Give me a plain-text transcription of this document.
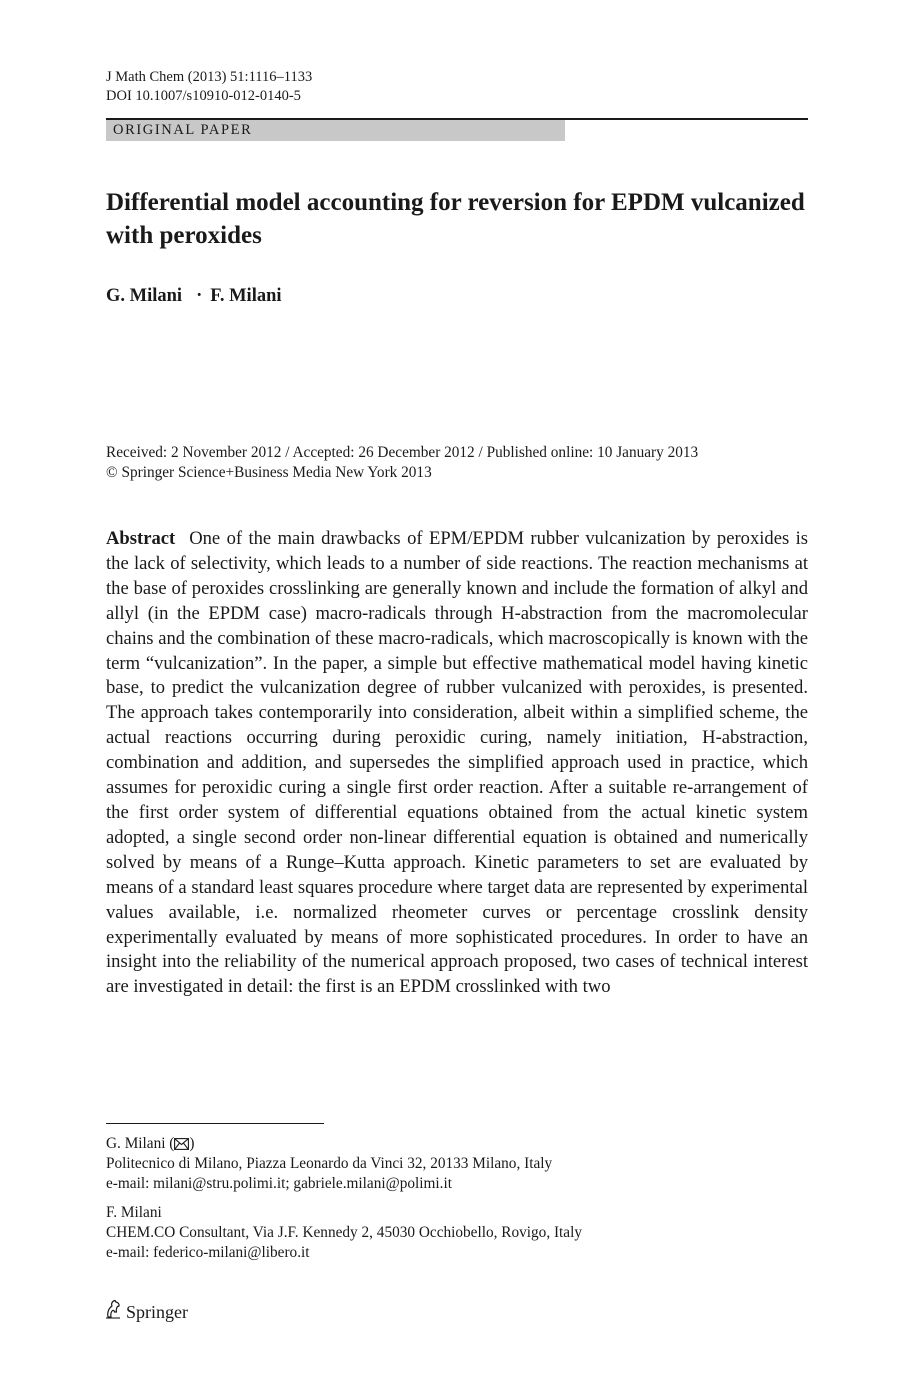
J Math Chem (2013) 51:1116–1133
DOI 10.1007/s10910-012-0140-5
ORIGINAL PAPER
Differential model accounting for reversion for EPDM vulcanized with peroxides
G. Milani · F. Milani
Received: 2 November 2012 / Accepted: 26 December 2012 / Published online: 10 January 2013
© Springer Science+Business Media New York 2013

Abstract One of the main drawbacks of EPM/EPDM rubber vulcanization by peroxides is the lack of selectivity, which leads to a number of side reactions. The reaction mechanisms at the base of peroxides crosslinking are generally known and include the formation of alkyl and allyl (in the EPDM case) macro-radicals through H-abstraction from the macromolecular chains and the combination of these macro-radicals, which macroscopically is known with the term “vulcanization”. In the paper, a simple but effective mathematical model having kinetic base, to predict the vulcanization degree of rubber vulcanized with peroxides, is presented. The approach takes contemporarily into consideration, albeit within a simplified scheme, the actual reactions occurring during peroxidic curing, namely initiation, H-abstraction, combination and addition, and supersedes the simplified approach used in practice, which assumes for peroxidic curing a single first order reaction. After a suitable re-arrangement of the first order system of differential equations obtained from the actual kinetic system adopted, a single second order non-linear differential equation is obtained and numerically solved by means of a Runge–Kutta approach. Kinetic parameters to set are evaluated by means of a standard least squares procedure where target data are represented by experimental values available, i.e. normalized rheometer curves or percentage crosslink density experimentally evaluated by means of more sophisticated procedures. In order to have an insight into the reliability of the numerical approach proposed, two cases of technical interest are investigated in detail: the first is an EPDM crosslinked with two

G. Milani ( )
Politecnico di Milano, Piazza Leonardo da Vinci 32, 20133 Milano, Italy
e-mail: milani@stru.polimi.it; gabriele.milani@polimi.it
F. Milani
CHEM.CO Consultant, Via J.F. Kennedy 2, 45030 Occhiobello, Rovigo, Italy
e-mail: federico-milani@libero.it
Springer
